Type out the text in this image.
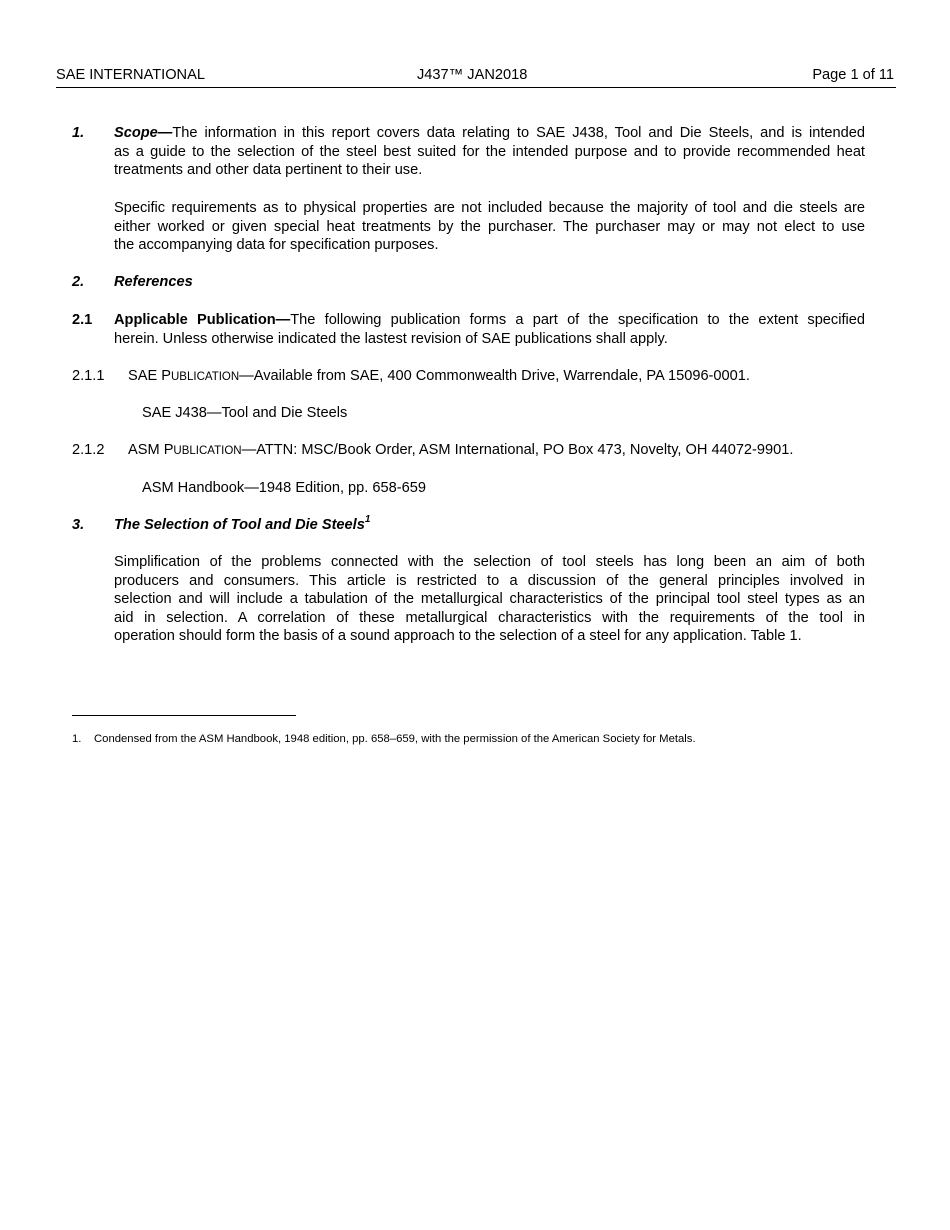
SAE INTERNATIONAL	J437™ JAN2018	Page 1 of 11
1. Scope—The information in this report covers data relating to SAE J438, Tool and Die Steels, and is intended
as a guide to the selection of the steel best suited for the intended purpose and to provide recommended heat
treatments and other data pertinent to their use.
Specific requirements as to physical properties are not included because the majority of tool and die steels are
either worked or given special heat treatments by the purchaser. The purchaser may or may not elect to use
the accompanying data for specification purposes.
2. References
2.1 Applicable Publication—The following publication forms a part of the specification to the extent specified
herein. Unless otherwise indicated the lastest revision of SAE publications shall apply.
2.1.1 SAE PUBLICATION—Available from SAE, 400 Commonwealth Drive, Warrendale, PA 15096-0001.
SAE J438—Tool and Die Steels
2.1.2 ASM PUBLICATION—ATTN: MSC/Book Order, ASM International, PO Box 473, Novelty, OH 44072-9901.
ASM Handbook—1948 Edition, pp. 658-659
3. The Selection of Tool and Die Steels$^1$
Simplification of the problems connected with the selection of tool steels has long been an aim of both
producers and consumers. This article is restricted to a discussion of the general principles involved in
selection and will include a tabulation of the metallurgical characteristics of the principal tool steel types as an
aid in selection. A correlation of these metallurgical characteristics with the requirements of the tool in
operation should form the basis of a sound approach to the selection of a steel for any application. Table 1.
1. Condensed from the ASM Handbook, 1948 edition, pp. 658–659, with the permission of the American Society for Metals.
